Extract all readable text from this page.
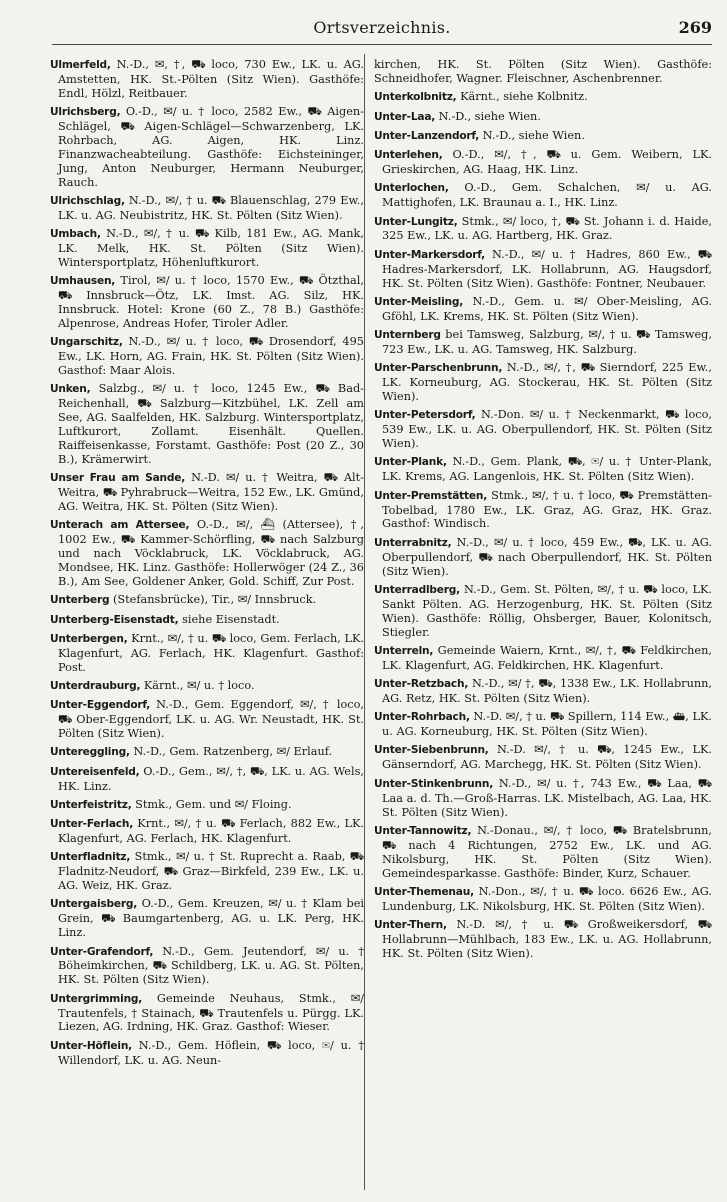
Ortsverzeichnis.	269

Ulmerfeld, N.-D., ✉, †, ⛟ loco, 730 Ew., LK. u. AG. Amstetten, HK. St.-Pölten (Sitz Wien). Gasthöfe: Endl, Hölzl, Reitbauer.

Ulrichsberg, O.-D., ✉/ u. † loco, 2582 Ew., ⛟ Aigen-Schlägel, ⛟ Aigen-Schlägel—Schwarzenberg, LK. Rohrbach, AG. Aigen, HK. Linz. Finanzwacheabteilung. Gasthöfe: Eichsteininger, Jung, Anton Neuburger, Hermann Neuburger, Rauch.

Ulrichschlag, N.-D., ✉/, † u. ⛟ Blauenschlag, 279 Ew., LK. u. AG. Neubistritz, HK. St. Pölten (Sitz Wien).

Umbach, N.-D., ✉/, † u. ⛟ Kilb, 181 Ew., AG. Mank, LK. Melk, HK. St. Pölten (Sitz Wien). Wintersportplatz, Höhenluftkurort.

Umhausen, Tirol, ✉/ u. † loco, 1570 Ew., ⛟ Ötzthal, ⛟ Innsbruck—Ötz, LK. Imst. AG. Silz, HK. Innsbruck. Hotel: Krone (60 Z., 78 B.) Gasthöfe: Alpenrose, Andreas Hofer, Tiroler Adler.

Ungarschitz, N.-D., ✉/ u. † loco, ⛟ Drosendorf, 495 Ew., LK. Horn, AG. Frain, HK. St. Pölten (Sitz Wien). Gasthof: Maar Alois.

Unken, Salzbg., ✉/ u. † loco, 1245 Ew., ⛟ Bad-Reichenhall, ⛟ Salzburg—Kitzbühel, LK. Zell am See, AG. Saalfelden, HK. Salzburg. Wintersportplatz, Luftkurort, Zollamt. Eisenhält. Quellen. Raiffeisenkasse, Forstamt. Gasthöfe: Post (20 Z., 30 B.), Krämerwirt.

Unser Frau am Sande, N.-D. ✉/ u. † Weitra, ⛟ Alt-Weitra, ⛟ Pyhrabruck—Weitra, 152 Ew., LK. Gmünd, AG. Weitra, HK. St. Pölten (Sitz Wien).

Unterach am Attersee, O.-D., ✉/, ⛴ (Attersee), †, 1002 Ew., ⛟ Kammer-Schörfling, ⛟ nach Salzburg und nach Vöcklabruck, LK. Vöcklabruck, AG. Mondsee, HK. Linz. Gasthöfe: Hollerwöger (24 Z., 36 B.), Am See, Goldener Anker, Gold. Schiff, Zur Post.

Unterberg (Stefansbrücke), Tir., ✉/ Innsbruck.

Unterberg-Eisenstadt, siehe Eisenstadt.

Unterbergen, Krnt., ✉/, † u. ⛟ loco, Gem. Ferlach, LK. Klagenfurt, AG. Ferlach, HK. Klagenfurt. Gasthof: Post.

Unterdrauburg, Kärnt., ✉/ u. † loco.

Unter-Eggendorf, N.-D., Gem. Eggendorf, ✉/, † loco, ⛟ Ober-Eggendorf, LK. u. AG. Wr. Neustadt, HK. St. Pölten (Sitz Wien).

Untereggling, N.-D., Gem. Ratzenberg, ✉/ Erlauf.

Untereisenfeld, O.-D., Gem., ✉/, †, ⛟, LK. u. AG. Wels, HK. Linz.

Unterfeistritz, Stmk., Gem. und ✉/ Floing.

Unter-Ferlach, Krnt., ✉/, † u. ⛟ Ferlach, 882 Ew., LK. Klagenfurt, AG. Ferlach, HK. Klagenfurt.

Unterfladnitz, Stmk., ✉/ u. † St. Ruprecht a. Raab, ⛟ Fladnitz-Neudorf, ⛟ Graz—Birkfeld, 239 Ew., LK. u. AG. Weiz, HK. Graz.

Untergaisberg, O.-D., Gem. Kreuzen, ✉/ u. † Klam bei Grein, ⛟ Baumgartenberg, AG. u. LK. Perg, HK. Linz.

Unter-Grafendorf, N.-D., Gem. Jeutendorf, ✉/ u. † Böheimkirchen, ⛟ Schildberg, LK. u. AG. St. Pölten, HK. St. Pölten (Sitz Wien).

Untergrimming, Gemeinde Neuhaus, Stmk., ✉/ Trautenfels, † Stainach, ⛟ Trautenfels u. Pürgg. LK. Liezen, AG. Irdning, HK. Graz. Gasthof: Wieser.

Unter-Höflein, N.-D., Gem. Höflein, ⛟ loco, ✉/ u. † Willendorf, LK. u. AG. Neun-

kirchen, HK. St. Pölten (Sitz Wien). Gasthöfe: Schneidhofer, Wagner. Fleischner, Aschenbrenner.

Unterkolbnitz, Kärnt., siehe Kolbnitz.

Unter-Laa, N.-D., siehe Wien.

Unter-Lanzendorf, N.-D., siehe Wien.

Unterlehen, O.-D., ✉/, †, ⛟ u. Gem. Weibern, LK. Grieskirchen, AG. Haag, HK. Linz.

Unterlochen, O.-D., Gem. Schalchen, ✉/ u. AG. Mattighofen, LK. Braunau a. I., HK. Linz.

Unter-Lungitz, Stmk., ✉/ loco, †, ⛟ St. Johann i. d. Haide, 325 Ew., LK. u. AG. Hartberg, HK. Graz.

Unter-Markersdorf, N.-D., ✉/ u. † Hadres, 860 Ew., ⛟ Hadres-Markersdorf, LK. Hollabrunn, AG. Haugsdorf, HK. St. Pölten (Sitz Wien). Gasthöfe: Fontner, Neubauer.

Unter-Meisling, N.-D., Gem. u. ✉/ Ober-Meisling, AG. Gföhl, LK. Krems, HK. St. Pölten (Sitz Wien).

Unternberg bei Tamsweg, Salzburg, ✉/, † u. ⛟ Tamsweg, 723 Ew., LK. u. AG. Tamsweg, HK. Salzburg.

Unter-Parschenbrunn, N.-D., ✉/, †, ⛟ Sierndorf, 225 Ew., LK. Korneuburg, AG. Stockerau, HK. St. Pölten (Sitz Wien).

Unter-Petersdorf, N.-Don. ✉/ u. † Neckenmarkt, ⛟ loco, 539 Ew., LK. u. AG. Oberpullendorf, HK. St. Pölten (Sitz Wien).

Unter-Plank, N.-D., Gem. Plank, ⛟, ✉/ u. † Unter-Plank, LK. Krems, AG. Langenlois, HK. St. Pölten (Sitz Wien).

Unter-Premstätten, Stmk., ✉/, † u. † loco, ⛟ Premstätten-Tobelbad, 1780 Ew., LK. Graz, AG. Graz, HK. Graz. Gasthof: Windisch.

Unterrabnitz, N.-D., ✉/ u. † loco, 459 Ew., ⛟, LK. u. AG. Oberpullendorf, ⛟ nach Oberpullendorf, HK. St. Pölten (Sitz Wien).

Unterradlberg, N.-D., Gem. St. Pölten, ✉/, † u. ⛟ loco, LK. Sankt Pölten. AG. Herzogenburg, HK. St. Pölten (Sitz Wien). Gasthöfe: Röllig, Ohsberger, Bauer, Kolonitsch, Stiegler.

Unterreln, Gemeinde Waiern, Krnt., ✉/, †, ⛟ Feldkirchen, LK. Klagenfurt, AG. Feldkirchen, HK. Klagenfurt.

Unter-Retzbach, N.-D., ✉/ †, ⛟, 1338 Ew., LK. Hollabrunn, AG. Retz, HK. St. Pölten (Sitz Wien).

Unter-Rohrbach, N.-D. ✉/, † u. ⛟ Spillern, 114 Ew., ⛴, LK. u. AG. Korneuburg, HK. St. Pölten (Sitz Wien).

Unter-Siebenbrunn, N.-D. ✉/, † u. ⛟, 1245 Ew., LK. Gänserndorf, AG. Marchegg, HK. St. Pölten (Sitz Wien).

Unter-Stinkenbrunn, N.-D., ✉/ u. †, 743 Ew., ⛟ Laa, ⛟ Laa a. d. Th.—Groß-Harras. LK. Mistelbach, AG. Laa, HK. St. Pölten (Sitz Wien).

Unter-Tannowitz, N.-Donau., ✉/, † loco, ⛟ Bratelsbrunn, ⛟ nach 4 Richtungen, 2752 Ew., LK. und AG. Nikolsburg, HK. St. Pölten (Sitz Wien). Gemeindesparkasse. Gasthöfe: Binder, Kurz, Schauer.

Unter-Themenau, N.-Don., ✉/, † u. ⛟ loco. 6626 Ew., AG. Lundenburg, LK. Nikolsburg, HK. St. Pölten (Sitz Wien).

Unter-Thern, N.-D. ✉/, † u. ⛟ Großweikersdorf, ⛟ Hollabrunn—Mühlbach, 183 Ew., LK. u. AG. Hollabrunn, HK. St. Pölten (Sitz Wien).
